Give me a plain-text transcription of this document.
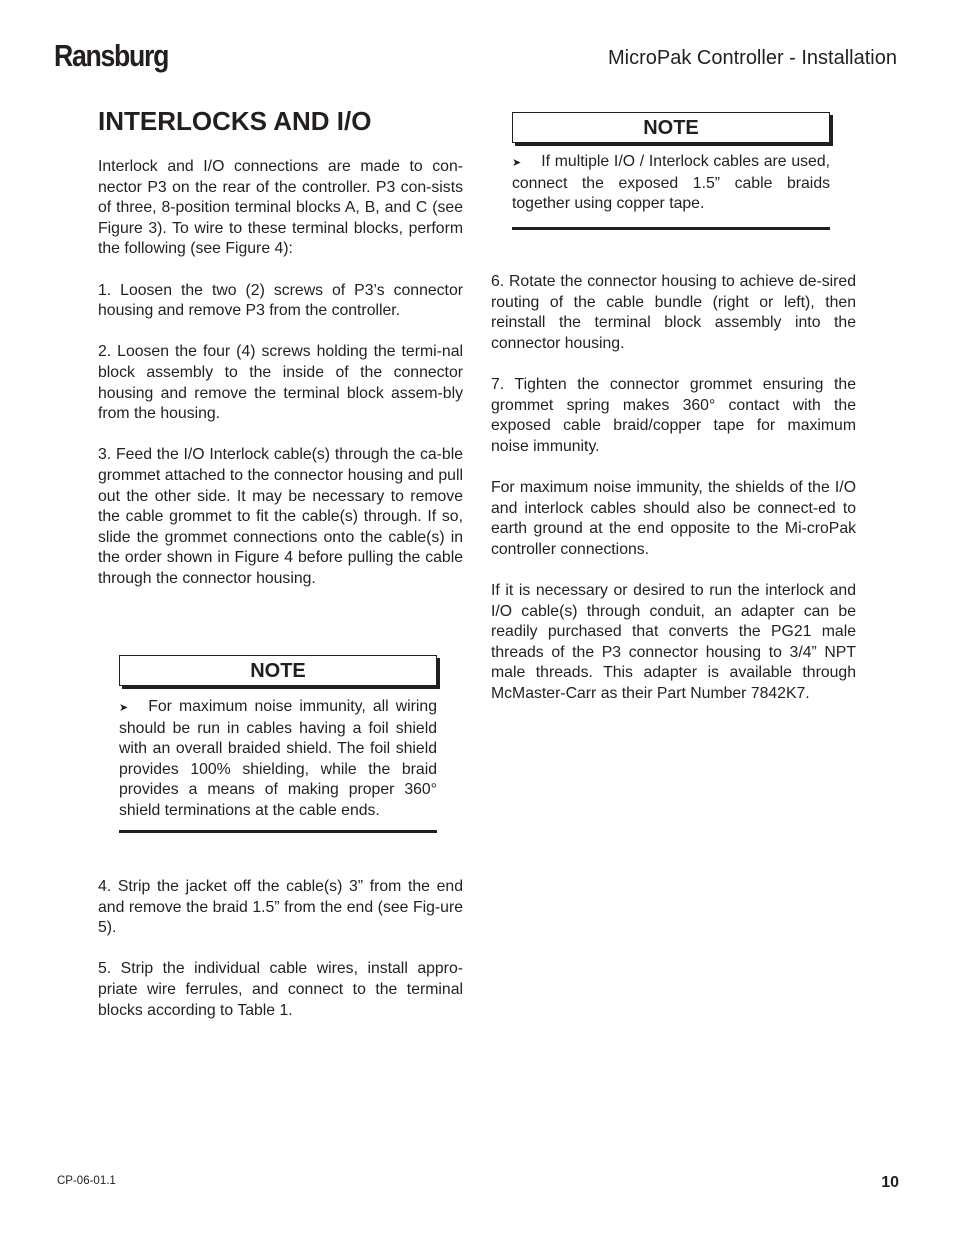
Ransburg	MicroPak Controller - Installation
INTERLOCKS AND I/O

Interlock and I/O connections are made to con-nector P3 on the rear of the controller. P3 con-sists of three, 8-position terminal blocks A, B, and C (see Figure 3). To wire to these terminal blocks, perform the following (see Figure 4):

1. Loosen the two (2) screws of P3’s connector housing and remove P3 from the controller.

2. Loosen the four (4) screws holding the termi-nal block assembly to the inside of the connector housing and remove the terminal block assem-bly from the housing.

3. Feed the I/O Interlock cable(s) through the ca-ble grommet attached to the connector housing and pull out the other side. It may be necessary to remove the cable grommet to fit the cable(s) through. If so, slide the grommet connections onto the cable(s) in the order shown in Figure 4 before pulling the cable through the connector housing.

NOTE
➤ For maximum noise immunity, all wiring should be run in cables having a foil shield with an overall braided shield. The foil shield provides 100% shielding, while the braid provides a means of making proper 360° shield terminations at the cable ends.

4. Strip the jacket off the cable(s) 3” from the end and remove the braid 1.5” from the end (see Fig-ure 5).

5. Strip the individual cable wires, install appro-priate wire ferrules, and connect to the terminal blocks according to Table 1.

NOTE
➤ If multiple I/O / Interlock cables are used, connect the exposed 1.5” cable braids together using copper tape.

6. Rotate the connector housing to achieve de-sired routing of the cable bundle (right or left), then reinstall the terminal block assembly into the connector housing.

7. Tighten the connector grommet ensuring the grommet spring makes 360° contact with the exposed cable braid/copper tape for maximum noise immunity.

For maximum noise immunity, the shields of the I/O and interlock cables should also be connect-ed to earth ground at the end opposite to the Mi-croPak controller connections.

If it is necessary or desired to run the interlock and I/O cable(s) through conduit, an adapter can be readily purchased that converts the PG21 male threads of the P3 connector housing to 3/4” NPT male threads. This adapter is available through McMaster-Carr as their Part Number 7842K7.

CP-06-01.1	10
